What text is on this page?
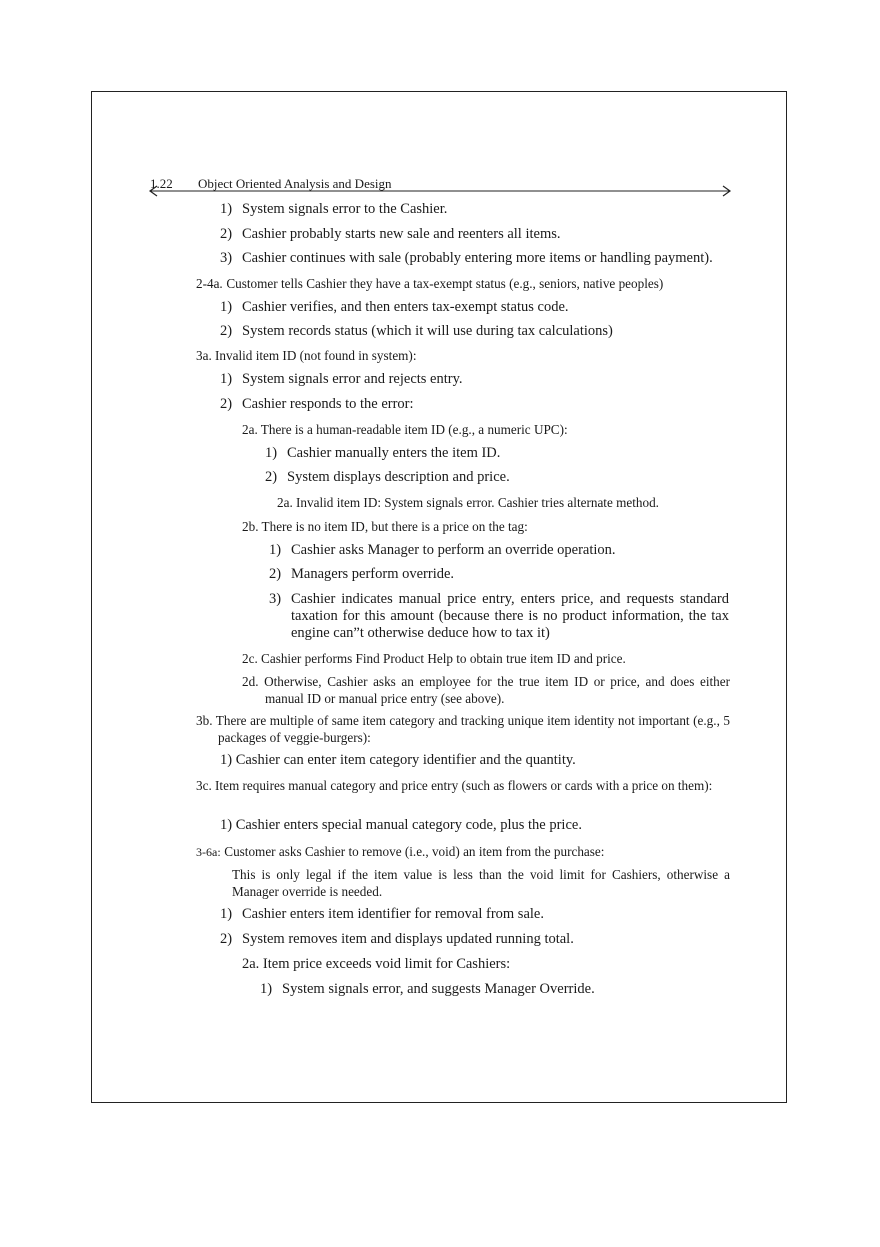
1.22 Object Oriented Analysis and Design
1) System signals error to the Cashier.
2) Cashier probably starts new sale and reenters all items.
3) Cashier continues with sale (probably entering more items or handling payment).
2-4a. Customer tells Cashier they have a tax-exempt status (e.g., seniors, native peoples)
1) Cashier verifies, and then enters tax-exempt status code.
2) System records status (which it will use during tax calculations)
3a. Invalid item ID (not found in system):
1) System signals error and rejects entry.
2) Cashier responds to the error:
2a. There is a human-readable item ID (e.g., a numeric UPC):
1) Cashier manually enters the item ID.
2) System displays description and price.
2a. Invalid item ID: System signals error. Cashier tries alternate method.
2b. There is no item ID, but there is a price on the tag:
1) Cashier asks Manager to perform an override operation.
2) Managers perform override.
3) Cashier indicates manual price entry, enters price, and requests standard taxation for this amount (because there is no product information, the tax engine can”t otherwise deduce how to tax it)
2c. Cashier performs Find Product Help to obtain true item ID and price.
2d. Otherwise, Cashier asks an employee for the true item ID or price, and does either manual ID or manual price entry (see above).
3b. There are multiple of same item category and tracking unique item identity not important (e.g., 5 packages of veggie-burgers):
1) Cashier can enter item category identifier and the quantity.
3c. Item requires manual category and price entry (such as flowers or cards with a price on them):
1) Cashier enters special manual category code, plus the price.
3-6a: Customer asks Cashier to remove (i.e., void) an item from the purchase:
This is only legal if the item value is less than the void limit for Cashiers, otherwise a Manager override is needed.
1) Cashier enters item identifier for removal from sale.
2) System removes item and displays updated running total.
2a. Item price exceeds void limit for Cashiers:
1) System signals error, and suggests Manager Override.
